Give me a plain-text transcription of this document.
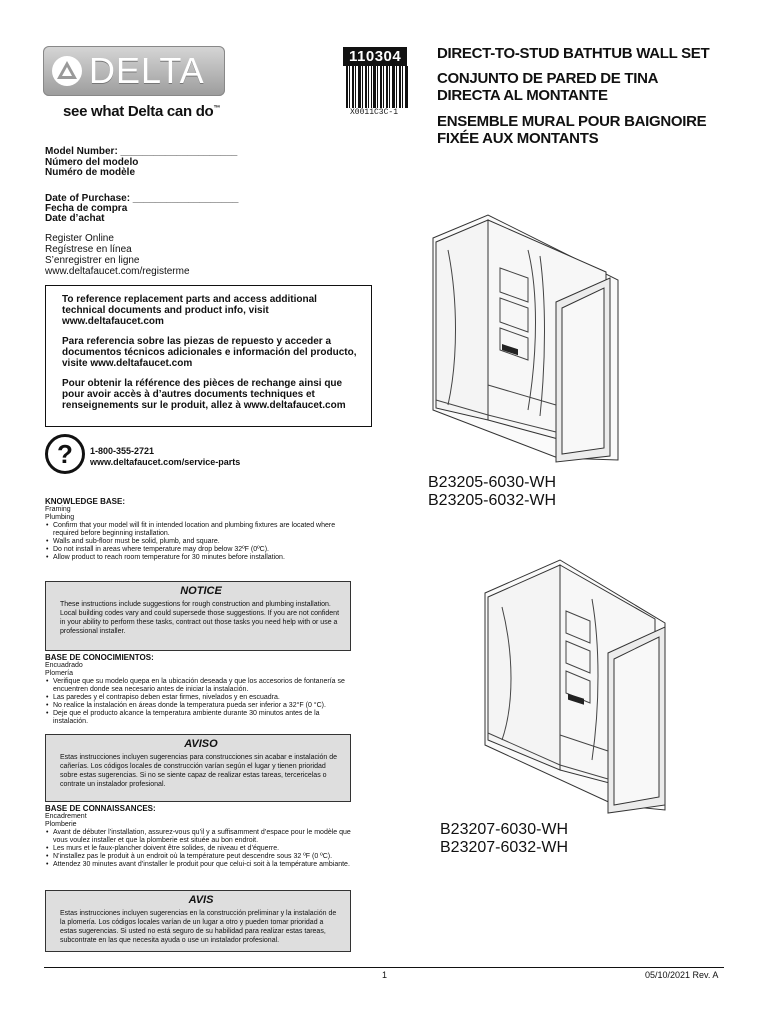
DELTA
see what Delta can do™
110304
X0011C3C-1
DIRECT-TO-STUD BATHTUB WALL SET
CONJUNTO DE PARED DE TINA
DIRECTA AL MONTANTE
ENSEMBLE MURAL POUR BAIGNOIRE
FIXÉE AUX MONTANTS
Model Number: _____________________
Número del modelo
Numéro de modèle
Date of Purchase: ___________________
Fecha de compra
Date d’achat
Register Online
Regístrese en línea
S’enregistrer en ligne
www.deltafaucet.com/registerme

To reference replacement parts and access additional technical documents and product info, visit www.deltafaucet.com

Para referencia sobre las piezas de repuesto y acceder a documentos técnicos adicionales e información del producto, visite www.deltafaucet.com

Pour obtenir la référence des pièces de rechange ainsi que pour avoir accès à d’autres documents techniques et renseignements sur le produit, allez à www.deltafaucet.com

?	1-800-355-2721
www.deltafaucet.com/service-parts
B23205-6030-WH
B23205-6032-WH
B23207-6030-WH
B23207-6032-WH
KNOWLEDGE BASE:
Framing
Plumbing
• Confirm that your model will fit in intended location and plumbing fixtures are located where required before beginning installation.
• Walls and sub-floor must be solid, plumb, and square.
• Do not install in areas where temperature may drop below 32ºF (0ºC).
• Allow product to reach room temperature for 30 minutes before installation.
NOTICE
These instructions include suggestions for rough construction and plumbing installation. Local building codes vary and could supersede those suggestions. If you are not confident in your ability to perform these tasks, contract out those tasks you need help with or use a professional installer.
BASE DE CONOCIMIENTOS:
Encuadrado
Plomería
• Verifique que su modelo quepa en la ubicación deseada y que los accesorios de fontanería se encuentren donde sea necesario antes de iniciar la instalación.
• Las paredes y el contrapiso deben estar firmes, nivelados y en escuadra.
• No realice la instalación en áreas donde la temperatura pueda ser inferior a 32°F (0 °C).
• Deje que el producto alcance la temperatura ambiente durante 30 minutos antes de la instalación.
AVISO
Estas instrucciones incluyen sugerencias para construcciones sin acabar e instalación de cañerías. Los códigos locales de construcción varían según el lugar y tienen prioridad sobre estas sugerencias. Si no se siente capaz de realizar estas tareas, tercericelas o contrate un instalador profesional.
BASE DE CONNAISSANCES:
Encadrement
Plomberie
• Avant de débuter l’installation, assurez-vous qu’il y a suffisamment d’espace pour le modèle que vous voulez installer et que la plomberie est située au bon endroit.
• Les murs et le faux-plancher doivent être solides, de niveau et d’équerre.
• N’installez pas le produit à un endroit où la température peut descendre sous 32 ºF (0 ºC).
• Attendez 30 minutes avant d’installer le produit pour que celui-ci soit à la température ambiante.
AVIS
Estas instrucciones incluyen sugerencias en la construcción preliminar y la instalación de la plomería. Los códigos locales varían de un lugar a otro y pueden tomar prioridad a estas sugerencias. Si usted no está seguro de su habilidad para realizar estas tareas, subcontrate en las que necesita ayuda o use un instalador profesional.
1	05/10/2021 Rev. A
